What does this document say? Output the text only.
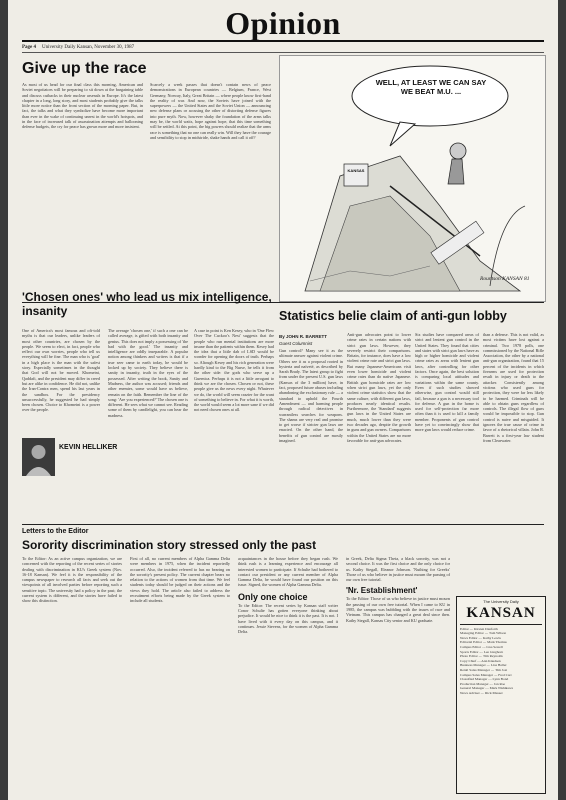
Opinion
Page 4 University Daily Kansan, November 30, 1987
Give up the race

As most of us head for our final class this morning, American and Soviet negotiators will be preparing to sit down at the bargaining table and discuss cutbacks in their nuclear arsenals in Europe. It's the latest chapter in a long, long story, and most students probably give the talks little more notice than the front section of the morning paper. But, in fact, the talks and what they symbolize have become more important than ever in the wake of continuing unrest in the world's hotspots, and in the face of increased talk of assassination attempts and ballooning defense budgets, the cry for peace has grown more and more insistent.

Scarcely a week passes that doesn't contain news of peace demonstrations in European countries — Belgium, France, West Germany, Norway, Italy, Great Britain — where people know first-hand the reality of war. And now, the Soviets have joined with the superpowers — the United States and the Soviet Union — announcing new defense plans or accusing the other of distorting defense figures into pure myth. Now, however shaky the foundation of the arms talks may be, the world waits, hope against hope, that this time something will be settled. At this point, the big powers should realize that the arms race is something that no one can really win. Will they have the courage and sensibility to stop in midstride, shake hands and call it off?

WELL, AT LEAST WE CAN SAY WE BEAT M.U. ...
KANSAS
Rountson KANSAN 81
'Chosen ones' who lead us mix intelligence, insanity

One of America's most famous and oft-told myths is that our leaders, unlike leaders of most other countries, are chosen by the people. We seem to elect, in fact, people who reflect our own worries, people who tell us everything will be fine. The man who is 'goal' in a high place is the man with the safest story. Especially sometimes in the thought that God will not be moved. Khomeini, Qaddafi, and the president may differ in creed but are alike in confidence. He did not, unlike the Iran-Contra men, spend his last years in the sandbox. For the presidency unsuccessfully, he suggested he had simply been chosen. Choice to Khomeini is a power over the people.

KEVIN HELLIKER

The average 'chosen one,' if such a one can be called average, is gifted with both insanity and genius. This does not imply a possessing of 'the bad with the good.' The insanity and intelligence are oddly inseparable. A popular notion among thinkers and writers is that if a true seer came to earth today, he would be locked up by society. They believe there is sanity in insanity, truth in the eyes of the possessed. After writing the book, Sanity and Madness, the author was accused; friends and other enemies, some would have us believe, remain on the faith. Remember the line of the song: 'Are you experienced?' The chosen one is different. He sees what we cannot see. Reading some of them by candlelight, you can hear the madness.

A case in point is Ken Kesey, who in 'One Flew Over The Cuckoo's Nest' suggests that the people who run mental institutions are more insane than the patients within them. Kesey had the idea that a little dab of LSD would be wonder for opening the doors of truth. Perhaps so. Altough Kesey and his rich generation were hardly kind to the Big Nurse, he tells it from the other side: the gods who serve up a Guernica. Perhaps it is not a little arrogant to think we are the chosen. Chosen or not, these people give us the news every night. Whatever we do, the world will seem crazier for the want of something to believe in. For what it is worth, the world would seem a lot more sane if we did not need chosen ones at all.

Statistics belie claim of anti-gun lobby
By JOHN R. BARRETT
Guest Columnist

Gun control? Many see it as the ultimate answer against violent crime. Others see it as a proposal rooted in hysteria and naïveté, as described by Sarah Brady. The latest group to fight from under the present U.S. gun laws (Kansas of the 3 million) have, in fact, proposed future abuses including abandoning the exclusionary rule — a standard to uphold the Fourth Amendment — and harming people through radical detectives in warrantless searches for weapons. The shams are very real and promise to get worse if stricter gun laws are enacted. On the other hand, the benefits of gun control are mostly imagined.

Anti-gun advocates point to lower crime rates in certain nations with strict gun laws. However, they severely restrict their comparisons. Britain, for instance, does have a low violent crime rate and strict gun laws. But many Japanese-Americans visit even lower homicide and violent crime rates than do native Japanese. British gun homicide rates are low when strict gun laws, yet the only violent crime statistics show that the same culture, with different gun laws, produces nearly identical results. Furthermore, the 'Standard' suggests gun laws in the United States are much, much lower than they were two decades ago, despite the growth in guns and gun owners. Comparisons within the United States are no more favorable for anti-gun advocates.

Six studies have compared areas of strict and lenient gun control in the United States. They found that cities and states with strict gun laws have as high or higher homicide and violent crime rates as areas with lenient gun laws, after controlling for other factors. Once again, the best solution is comparing local attitudes and variations within the same county. Even if such studies showed otherwise, gun control would still fail, because a gun is a necessary tool for defense. A gun in the home is used for self-protection far more often than it is used to kill a family member. Proponents of gun control have yet to convincingly show that more gun laws would reduce crime.

than a defense. This is not valid, as most victims have lost against a criminal. Two 1978 polls, one commissioned by the National Rifle Association, the other by a national anti-gun organization, found that 15 percent of the incidents in which firearms are used for protection result in injury or death to the attacker. Consistently among victims who used guns for protection, they were far less likely to be harmed. Criminals will be able to obtain guns regardless of controls. The illegal flow of guns would be impossible to stop. Gun control is naive and misguided. It ignores the true cause of crime in favor of a rhetorical villain. John R. Barrett is a first-year law student from Clearwater.

Letters to the Editor
Sorority discrimination story stressed only the past

To the Editor: As an active campus organization, we are concerned with the reporting of the recent series of stories dealing with discrimination in KU's Greek system (Nov. 16-18 Kansan). We feel it is the responsibility of the campus newspaper to research all facts and seek out the viewpoints of all involved parties before reporting such a sensitive topic. The university had a policy in the past; the current system is different, and the stories have failed to show this distinction.

First of all, no current members of Alpha Gamma Delta were members in 1975, when the incident reportedly occurred. Also, the incident referred to has no bearing on the sorority's present policy. The current chapter bears no relation to the actions of women from that time. We feel students today should be judged on their actions and the views they hold. The article also failed to address the recruitment efforts being made by the Greek system to include all students.

acquaintances in the house before they began rush. We think rush is a learning experience and encourage all interested women to participate. If Schulte had bothered to contact our president or any current member of Alpha Gamma Delta, he would have found our position on this issue. Signed, the women of Alpha Gamma Delta.

Only one choice

To the Editor: The recent series by Kansan staff writer Conor Schulte has gotten everyone thinking about prejudice. It would be nice to think it is the past. It is not. I have lived with it every day on this campus, and it continues. Jessie Stevens, for the women of Alpha Gamma Delta.

in Greek, Delta Sigma Theta, a black sorority, was not a second choice. It was the first choice and the only choice for us. Kathy Stegall, Eleanor Johnson. 'Nuthing for Greeks' Those of us who believe in justice must mourn the passing of our own free tutorial.

'Nr. Establishment'

To the Editor: Those of us who believe in justice must mourn the passing of our own free tutorial. When I came to KU in 1985, the campus was bubbling with the issues of race and Vietnam. This campus has changed a great deal since then. Kathy Stegall, Kansas City senior and KU graduate.

The University Daily
KANSAN
Editor .... Kirsten Danforth
Managing Editor .... Tom Wilson
News Editor .... Kathy Lewis
Editorial Editor .... Mark Thomas
Campus Editor .... Lisa Sewell
Sports Editor .... Lee Gleghorn
Photo Editor .... Tim Reynolds
Copy Chief .... Ann Knudsen
Business Manager .... Lisa Heller
Retail Sales Manager .... Tim Jost
Campus Sales Manager .... Fred Carr
Classified Manager .... Lynn Bond
Production Manager .... Jan Roe
General Manager .... Mark Nishikawa
News Adviser .... Rick Musser
